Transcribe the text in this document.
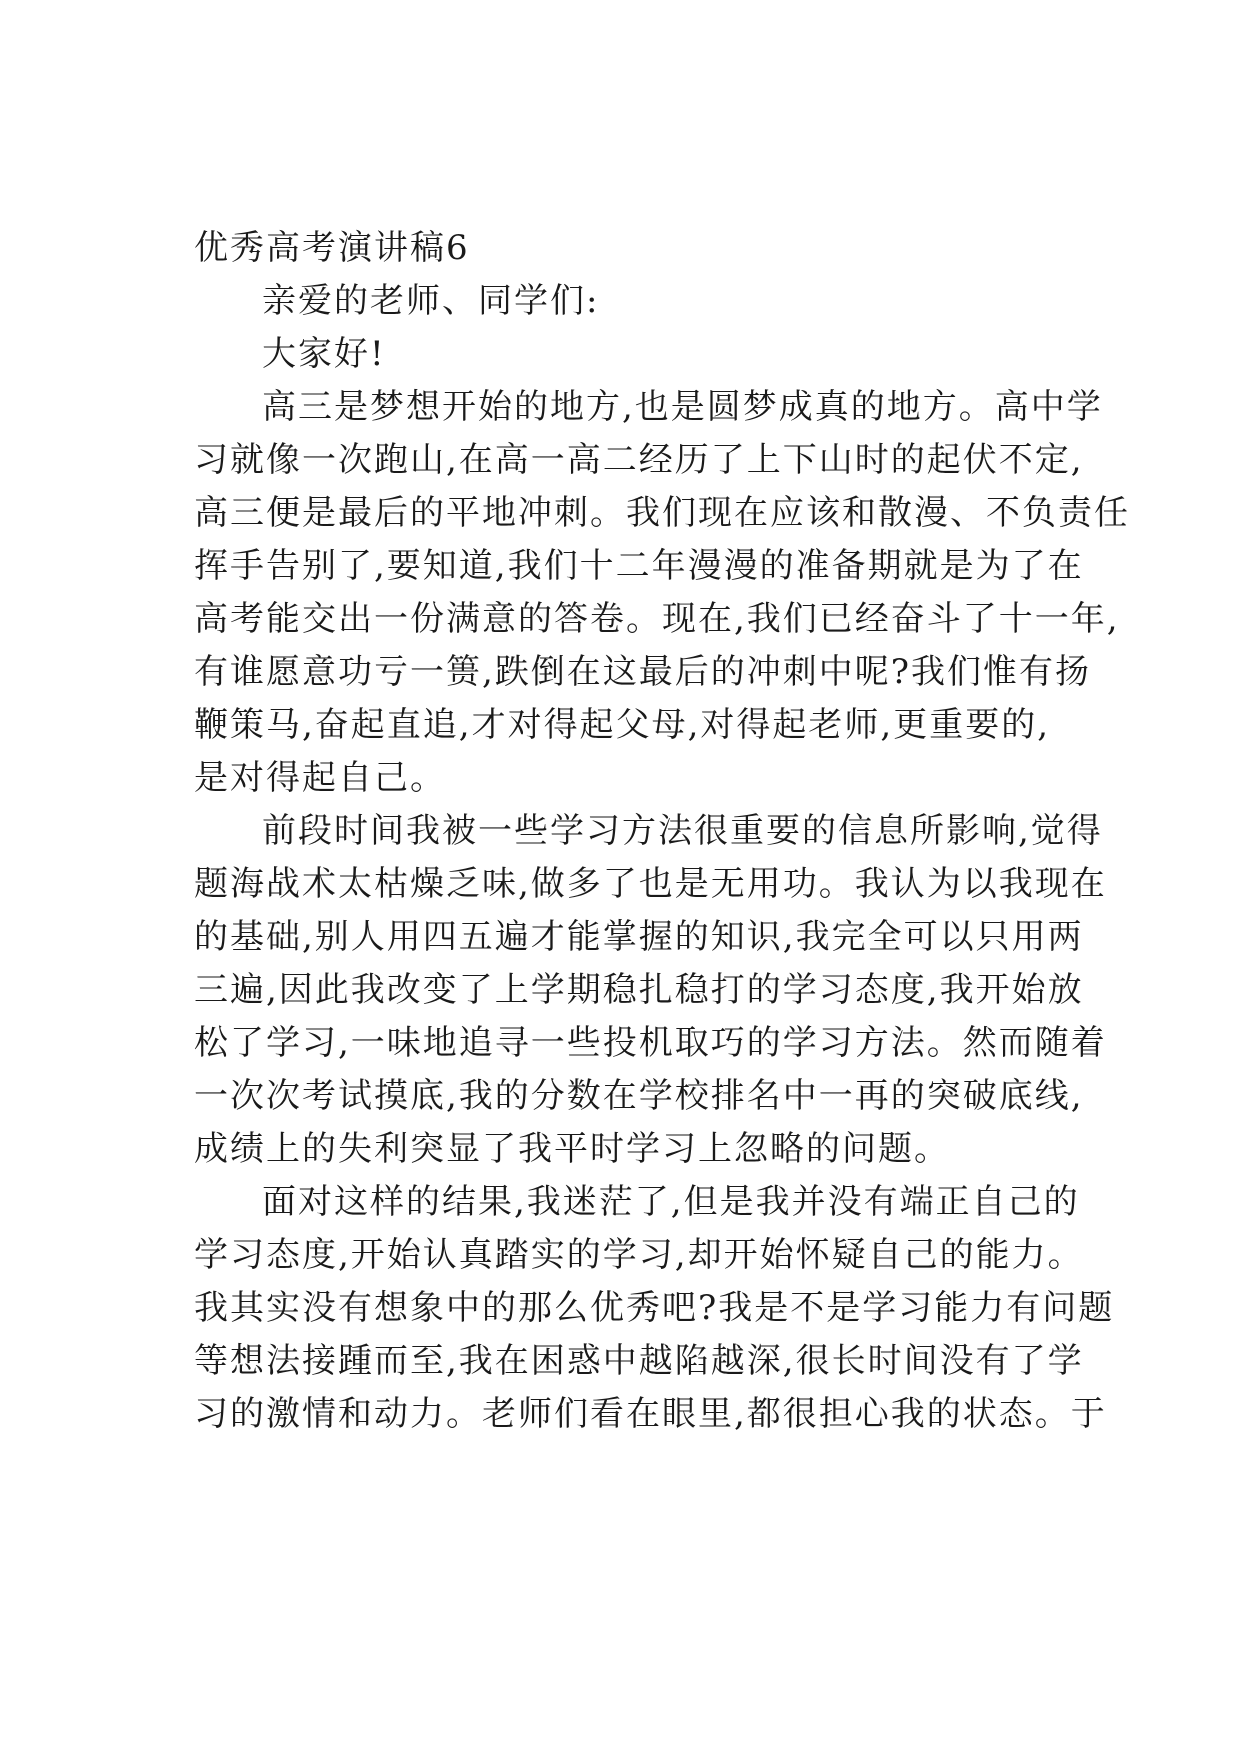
优秀高考演讲稿6
亲爱的老师、同学们:
大家好!
高三是梦想开始的地方,也是圆梦成真的地方。高中学
习就像一次跑山,在高一高二经历了上下山时的起伏不定,
高三便是最后的平地冲刺。我们现在应该和散漫、不负责任
挥手告别了,要知道,我们十二年漫漫的准备期就是为了在
高考能交出一份满意的答卷。现在,我们已经奋斗了十一年,
有谁愿意功亏一篑,跌倒在这最后的冲刺中呢?我们惟有扬
鞭策马,奋起直追,才对得起父母,对得起老师,更重要的,
是对得起自己。
前段时间我被一些学习方法很重要的信息所影响,觉得
题海战术太枯燥乏味,做多了也是无用功。我认为以我现在
的基础,别人用四五遍才能掌握的知识,我完全可以只用两
三遍,因此我改变了上学期稳扎稳打的学习态度,我开始放
松了学习,一味地追寻一些投机取巧的学习方法。然而随着
一次次考试摸底,我的分数在学校排名中一再的突破底线,
成绩上的失利突显了我平时学习上忽略的问题。
面对这样的结果,我迷茫了,但是我并没有端正自己的
学习态度,开始认真踏实的学习,却开始怀疑自己的能力。
我其实没有想象中的那么优秀吧?我是不是学习能力有问题
等想法接踵而至,我在困惑中越陷越深,很长时间没有了学
习的激情和动力。老师们看在眼里,都很担心我的状态。于
